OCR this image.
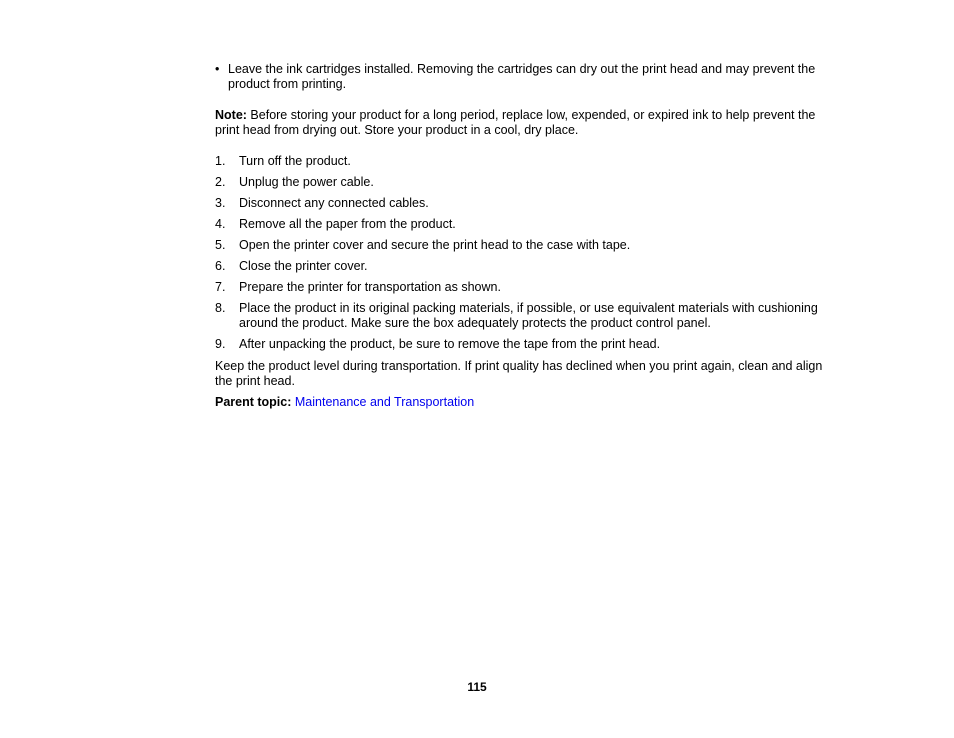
• Leave the ink cartridges installed. Removing the cartridges can dry out the print head and may prevent the product from printing.
Note: Before storing your product for a long period, replace low, expended, or expired ink to help prevent the print head from drying out. Store your product in a cool, dry place.
1.	Turn off the product.
2.	Unplug the power cable.
3.	Disconnect any connected cables.
4.	Remove all the paper from the product.
5.	Open the printer cover and secure the print head to the case with tape.
6.	Close the printer cover.
7.	Prepare the printer for transportation as shown.
8.	Place the product in its original packing materials, if possible, or use equivalent materials with cushioning around the product. Make sure the box adequately protects the product control panel.
9.	After unpacking the product, be sure to remove the tape from the print head.
Keep the product level during transportation. If print quality has declined when you print again, clean and align the print head.
Parent topic: Maintenance and Transportation
115
